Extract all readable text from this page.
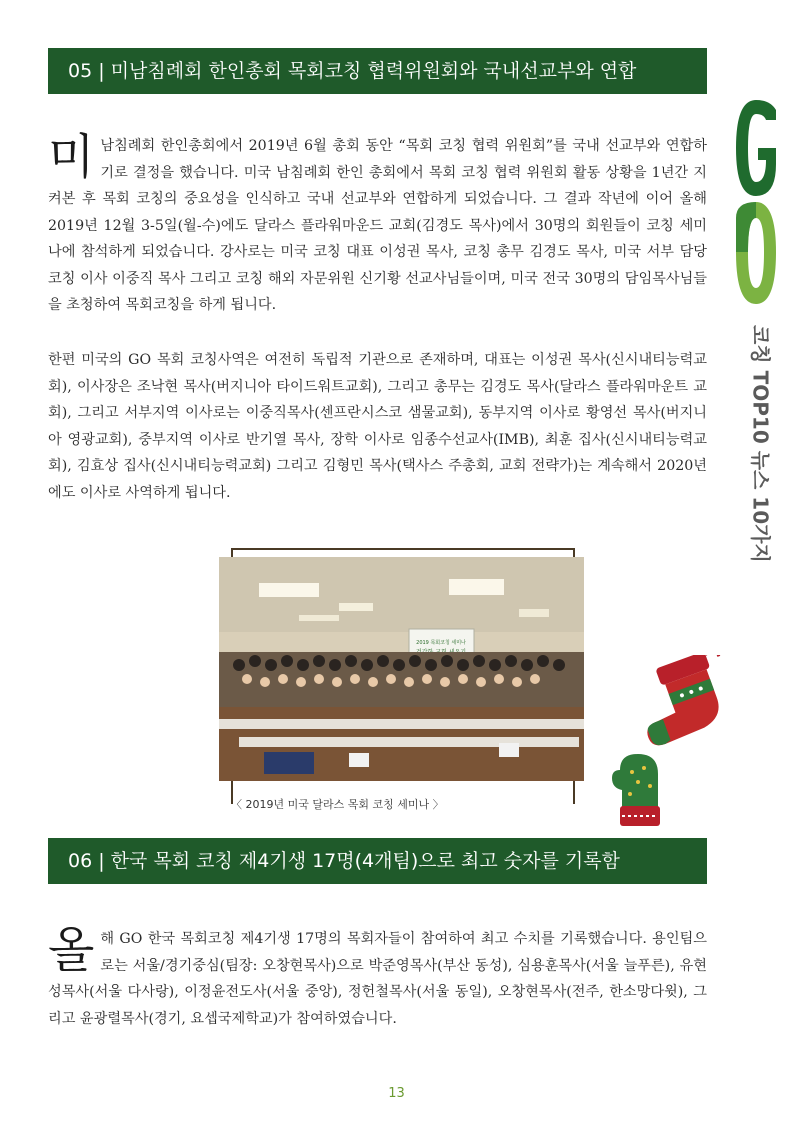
05 | 미남침례회 한인총회 목회코칭 협력위원회와 국내선교부와 연합

미남침례회 한인총회에서 2019년 6월 총회 동안 “목회 코칭 협력 위원회”를 국내 선교부와 연합하기로 결정을 했습니다. 미국 남침례회 한인 총회에서 목회 코칭 협력 위원회 활동 상황을 1년간 지켜본 후 목회 코칭의 중요성을 인식하고 국내 선교부와 연합하게 되었습니다. 그 결과 작년에 이어 올해 2019년 12월 3-5일(월-수)에도 달라스 플라워마운드 교회(김경도 목사)에서 30명의 회원들이 코칭 세미나에 참석하게 되었습니다. 강사로는 미국 코칭 대표 이성권 목사, 코칭 총무 김경도 목사, 미국 서부 담당 코칭 이사 이중직 목사 그리고 코칭 해외 자문위원 신기황 선교사님들이며, 미국 전국 30명의 담임목사님들을 초청하여 목회코칭을 하게 됩니다.

한편 미국의 GO 목회 코칭사역은 여전히 독립적 기관으로 존재하며, 대표는 이성권 목사(신시내티능력교회), 이사장은 조낙현 목사(버지니아 타이드워트교회), 그리고 총무는 김경도 목사(달라스 플라워마운트 교회), 그리고 서부지역 이사로는 이중직목사(센프란시스코 샘물교회), 동부지역 이사로 황영선 목사(버지니아 영광교회), 중부지역 이사로 반기열 목사, 장학 이사로 임종수선교사(IMB), 최훈 집사(신시내티능력교회), 김효상 집사(신시내티능력교회) 그리고 김형민 목사(택사스 주총회, 교회 전략가)는 계속해서 2020년에도 이사로 사역하게 됩니다.	코칭 TOP10 뉴스 10가지
2019 목회코칭 세미나
〈 2019년 미국 달라스 목회 코칭 세미나 〉
06 | 한국 목회 코칭 제4기생 17명(4개팀)으로 최고 숫자를 기록함

올해 GO 한국 목회코칭 제4기생 17명의 목회자들이 참여하여 최고 수치를 기록했습니다. 용인팀으로는 서울/경기중심(팀장: 오창현목사)으로 박준영목사(부산 동성), 심용훈목사(서울 늘푸른), 유현성목사(서울 다사랑), 이정윤전도사(서울 중앙), 정헌철목사(서울 동일), 오창현목사(전주, 한소망다윗), 그리고 윤광렬목사(경기, 요셉국제학교)가 참여하였습니다.

13
